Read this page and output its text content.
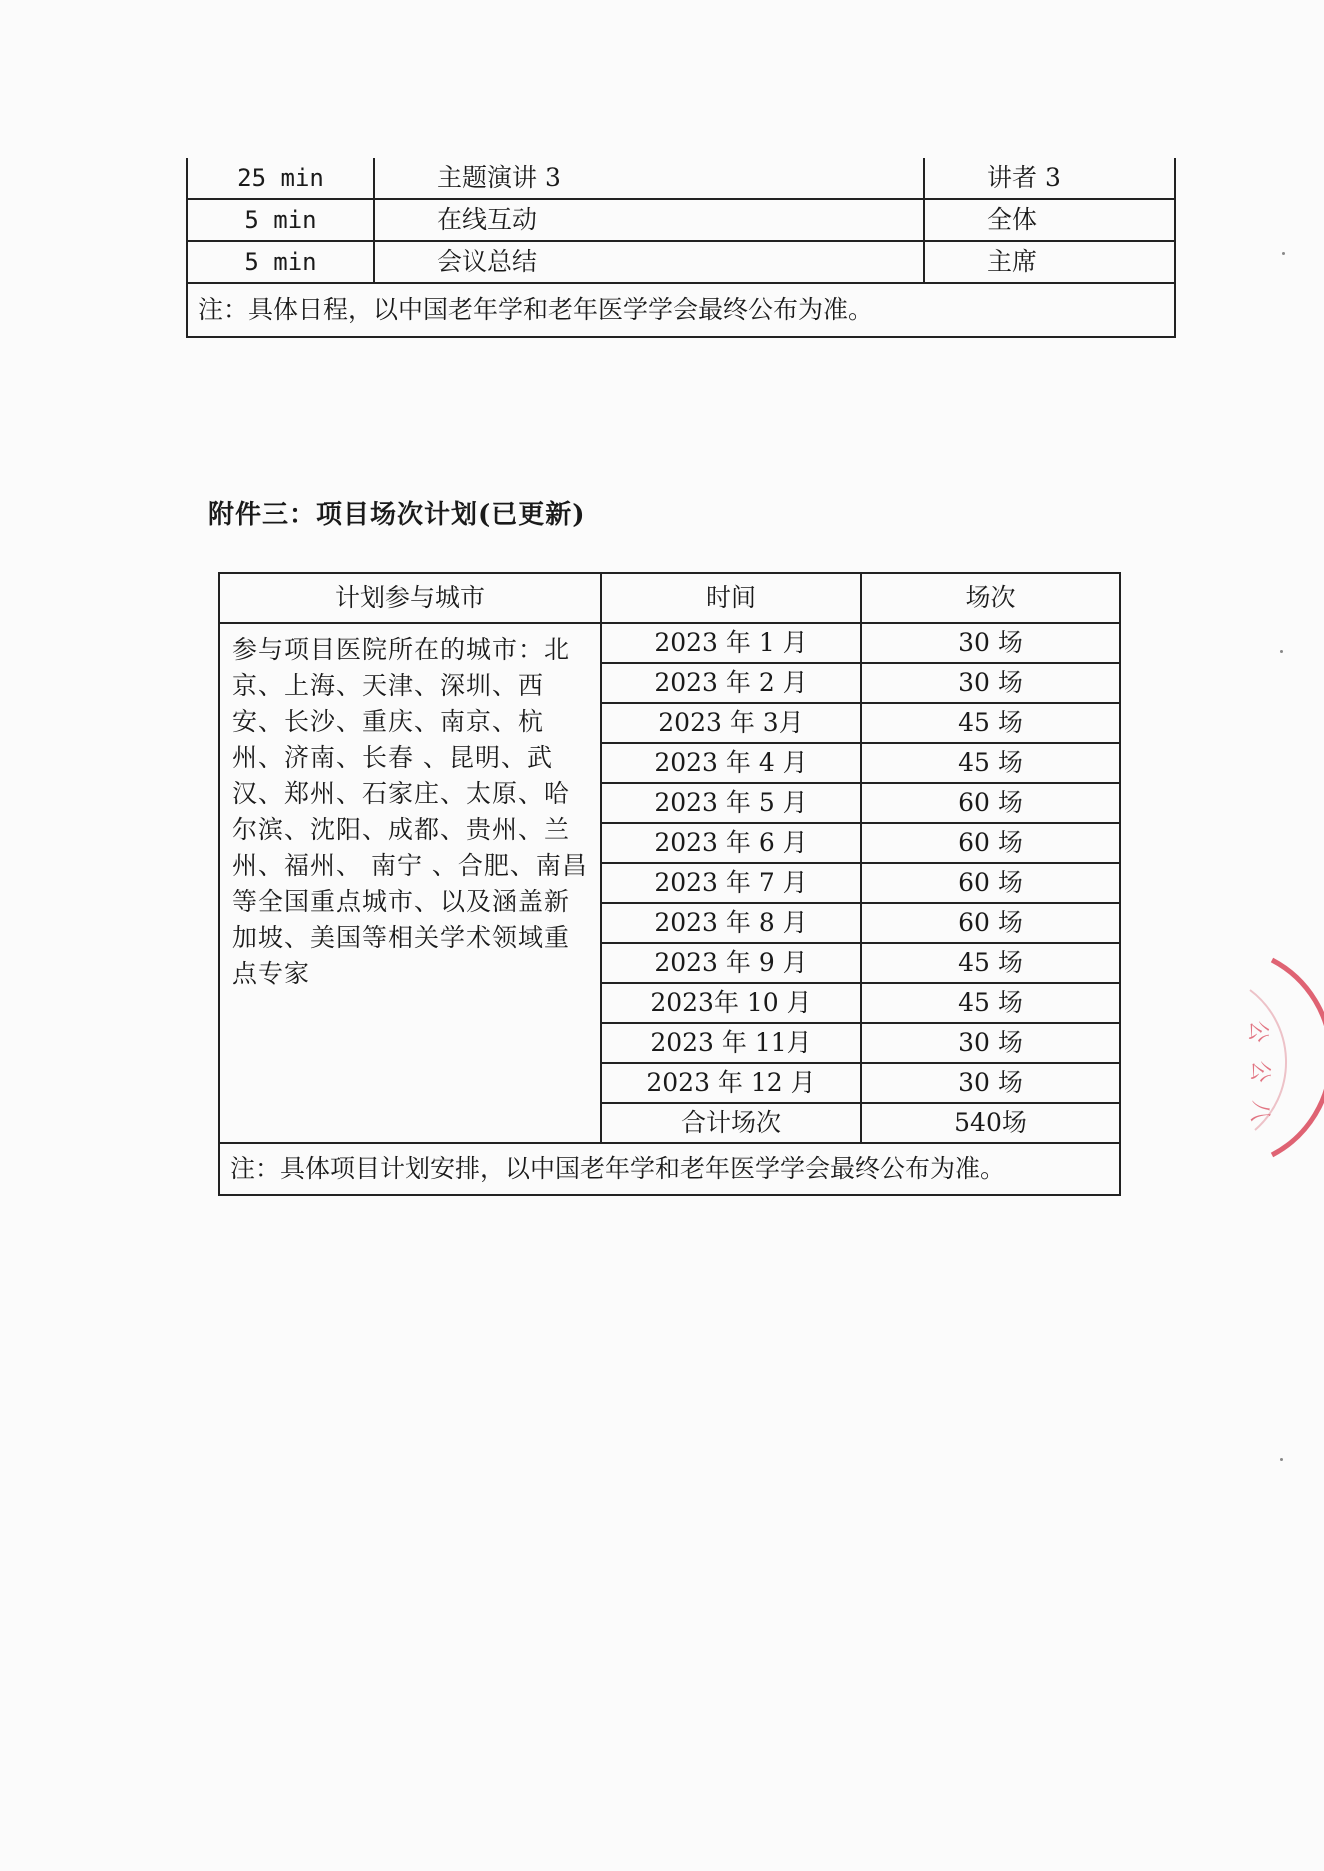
25 min	主题演讲 3	讲者 3
5 min	在线互动	全体
5 min	会议总结	主席
注：具体日程，以中国老年学和老年医学学会最终公布为准。		
附件三：项目场次计划(已更新)
计划参与城市	时间	场次
参与项目医院所在的城市：北京、上海、天津、深圳、西安、长沙、重庆、南京、杭州、济南、长春 、昆明、武汉、郑州、石家庄、太原、哈尔滨、沈阳、成都、贵州、兰州、福州、 南宁 、合肥、南昌等全国重点城市、以及涵盖新加坡、美国等相关学术领域重点专家	2023 年 1 月	30 场
	2023 年 2 月	30 场
	2023 年 3月	45 场
	2023 年 4 月	45 场
	2023 年 5 月	60 场
	2023 年 6 月	60 场
	2023 年 7 月	60 场
	2023 年 8 月	60 场
	2023 年 9 月	45 场
	2023年 10 月	45 场
	2023 年 11月	30 场
	2023 年 12 月	30 场
	合计场次	540场
注：具体项目计划安排，以中国老年学和老年医学学会最终公布为准。		
公
公
八
